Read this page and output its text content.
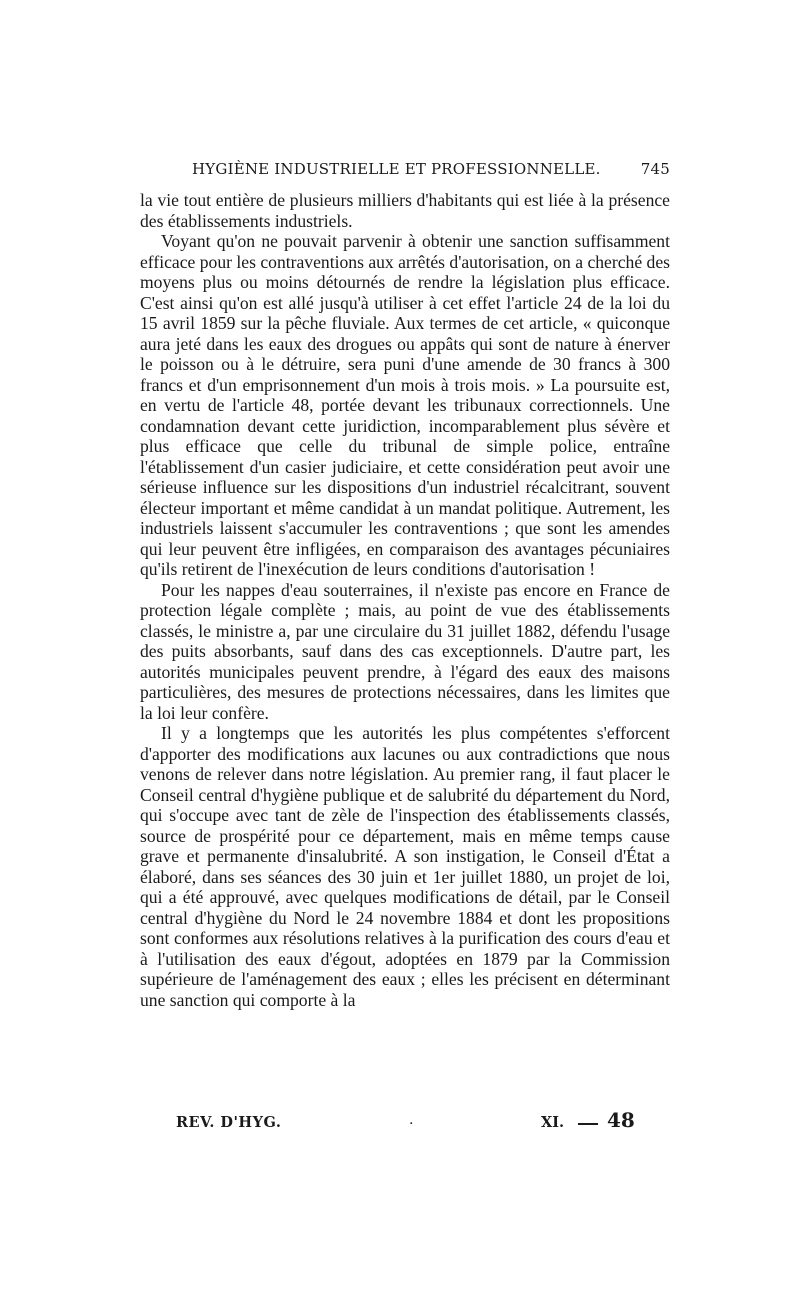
HYGIÈNE INDUSTRIELLE ET PROFESSIONNELLE.	745

la vie tout entière de plusieurs milliers d'habitants qui est liée à la présence des établissements industriels.

Voyant qu'on ne pouvait parvenir à obtenir une sanction suffisamment efficace pour les contraventions aux arrêtés d'autorisation, on a cherché des moyens plus ou moins détournés de rendre la législation plus efficace. C'est ainsi qu'on est allé jusqu'à utiliser à cet effet l'article 24 de la loi du 15 avril 1859 sur la pêche fluviale. Aux termes de cet article, « quiconque aura jeté dans les eaux des drogues ou appâts qui sont de nature à énerver le poisson ou à le détruire, sera puni d'une amende de 30 francs à 300 francs et d'un emprisonnement d'un mois à trois mois. » La poursuite est, en vertu de l'article 48, portée devant les tribunaux correctionnels. Une condamnation devant cette juridiction, incomparablement plus sévère et plus efficace que celle du tribunal de simple police, entraîne l'établissement d'un casier judiciaire, et cette considération peut avoir une sérieuse influence sur les dispositions d'un industriel récalcitrant, souvent électeur important et même candidat à un mandat politique. Autrement, les industriels laissent s'accumuler les contraventions ; que sont les amendes qui leur peuvent être infligées, en comparaison des avantages pécuniaires qu'ils retirent de l'inexécution de leurs conditions d'autorisation !

Pour les nappes d'eau souterraines, il n'existe pas encore en France de protection légale complète ; mais, au point de vue des établissements classés, le ministre a, par une circulaire du 31 juillet 1882, défendu l'usage des puits absorbants, sauf dans des cas exceptionnels. D'autre part, les autorités municipales peuvent prendre, à l'égard des eaux des maisons particulières, des mesures de protections nécessaires, dans les limites que la loi leur confère.

Il y a longtemps que les autorités les plus compétentes s'efforcent d'apporter des modifications aux lacunes ou aux contradictions que nous venons de relever dans notre législation. Au premier rang, il faut placer le Conseil central d'hygiène publique et de salubrité du département du Nord, qui s'occupe avec tant de zèle de l'inspection des établissements classés, source de prospérité pour ce département, mais en même temps cause grave et permanente d'insalubrité. A son instigation, le Conseil d'État a élaboré, dans ses séances des 30 juin et 1er juillet 1880, un projet de loi, qui a été approuvé, avec quelques modifications de détail, par le Conseil central d'hygiène du Nord le 24 novembre 1884 et dont les propositions sont conformes aux résolutions relatives à la purification des cours d'eau et à l'utilisation des eaux d'égout, adoptées en 1879 par la Commission supérieure de l'aménagement des eaux ; elles les précisent en déterminant une sanction qui comporte à la

REV. D'HYG.	.	XI. 48
